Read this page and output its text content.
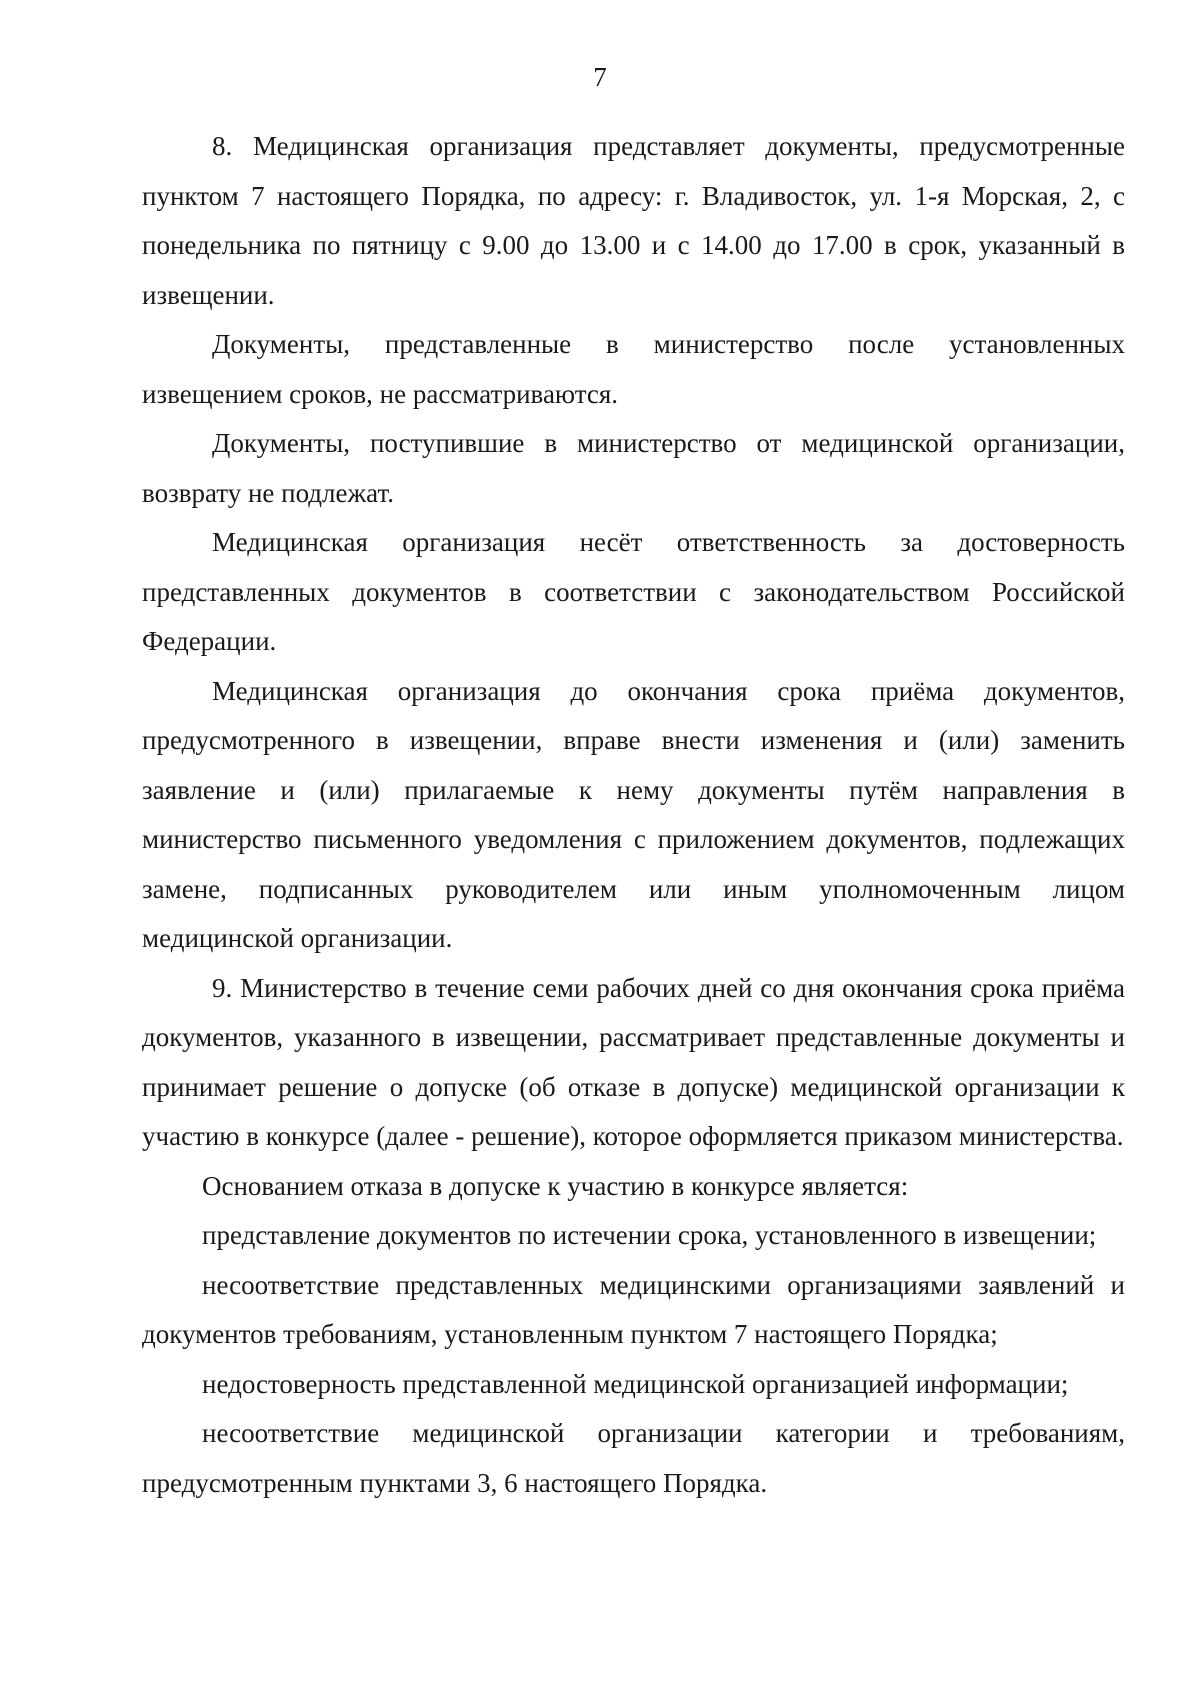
7

8. Медицинская организация представляет документы, предусмотренные пунктом 7 настоящего Порядка, по адресу: г. Владивосток, ул. 1-я Морская, 2, с понедельника по пятницу с 9.00 до 13.00 и с 14.00 до 17.00 в срок, указанный в извещении.

Документы, представленные в министерство после установленных извещением сроков, не рассматриваются.

Документы, поступившие в министерство от медицинской организации, возврату не подлежат.

Медицинская организация несёт ответственность за достоверность представленных документов в соответствии с законодательством Российской Федерации.

Медицинская организация до окончания срока приёма документов, предусмотренного в извещении, вправе внести изменения и (или) заменить заявление и (или) прилагаемые к нему документы путём направления в министерство письменного уведомления с приложением документов, подлежащих замене, подписанных руководителем или иным уполномоченным лицом медицинской организации.

9. Министерство в течение семи рабочих дней со дня окончания срока приёма документов, указанного в извещении, рассматривает представленные документы и принимает решение о допуске (об отказе в допуске) медицинской организации к участию в конкурсе (далее - решение), которое оформляется приказом министерства.

Основанием отказа в допуске к участию в конкурсе является:

представление документов по истечении срока, установленного в извещении;

несоответствие представленных медицинскими организациями заявлений и документов требованиям, установленным пунктом 7 настоящего Порядка;

недостоверность представленной медицинской организацией информации;

несоответствие медицинской организации категории и требованиям, предусмотренным пунктами 3, 6 настоящего Порядка.
